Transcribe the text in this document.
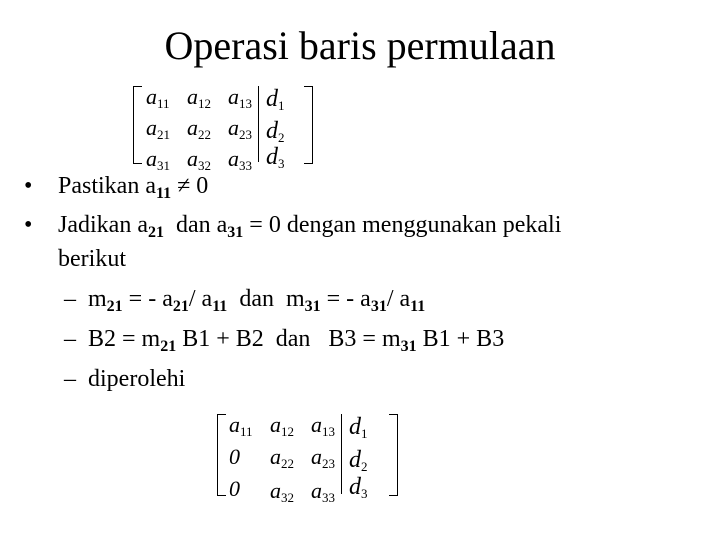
Operasi baris permulaan
$a_{11}$ $a_{12}$ $a_{13}$ $d_1$
$a_{21}$ $a_{22}$ $a_{23}$ $d_2$
$a_{31}$ $a_{32}$ $a_{33}$ $d_3$
• Pastikan $a_{11} \ne 0$
• Jadikan $a_{21}$  dan $a_{31} = 0$ dengan menggunakan pekali
berikut
– $m_{21}$ = - $a_{21}/$ $a_{11}$  dan  $m_{31}$ = - $a_{31}/$ $a_{11}$
– $B2 = m_{21}$ B1 + B2  dan   $B3 = m_{31}$ B1 + B3
– diperolehi
$a_{11}$ $a_{12}$ $a_{13}$ $d_1$
0 $a_{22}$ $a_{23}$ $d_2$
0 $a_{32}$ $a_{33}$ $d_3$
